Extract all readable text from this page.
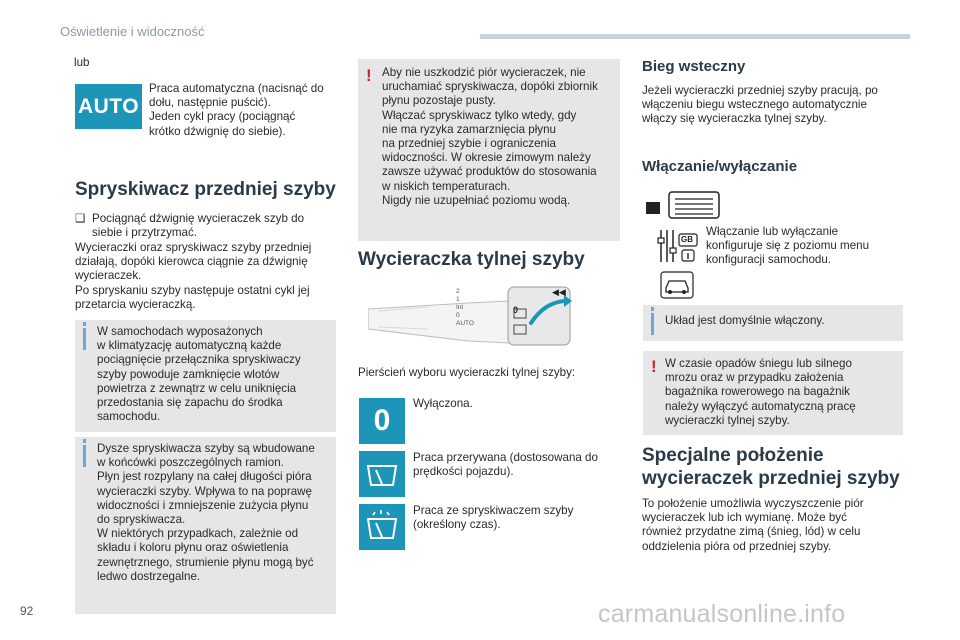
Oświetlenie i widoczność
lub
AUTO
Praca automatyczna (nacisnąć do
dołu, następnie puścić).
Jeden cykl pracy (pociągnąć
krótko dźwignię do siebie).
Spryskiwacz przedniej szyby
❑ Pociągnąć dźwignię wycieraczek szyb do
siebie i przytrzymać.
Wycieraczki oraz spryskiwacz szyby przedniej
działają, dopóki kierowca ciągnie za dźwignię
wycieraczek.
Po spryskaniu szyby następuje ostatni cykl jej
przetarcia wycieraczką.
W samochodach wyposażonych
w klimatyzację automatyczną każde
pociągnięcie przełącznika spryskiwaczy
szyby powoduje zamknięcie wlotów
powietrza z zewnątrz w celu uniknięcia
przedostania się zapachu do środka
samochodu.
Dysze spryskiwacza szyby są wbudowane
w końcówki poszczególnych ramion.
Płyn jest rozpylany na całej długości pióra
wycieraczki szyby. Wpływa to na poprawę
widoczności i zmniejszenie zużycia płynu
do spryskiwacza.
W niektórych przypadkach, zależnie od
składu i koloru płynu oraz oświetlenia
zewnętrznego, strumienie płynu mogą być
ledwo dostrzegalne.
! Aby nie uszkodzić piór wycieraczek, nie
uruchamiać spryskiwacza, dopóki zbiornik
płynu pozostaje pusty.
Włączać spryskiwacz tylko wtedy, gdy
nie ma ryzyka zamarznięcia płynu
na przedniej szybie i ograniczenia
widoczności. W okresie zimowym należy
zawsze używać produktów do stosowania
w niskich temperaturach.
Nigdy nie uzupełniać poziomu wodą.
Wycieraczka tylnej szyby
◀◀
2
1
Int
0
AUTO
0
Pierścień wyboru wycieraczki tylnej szyby:
0
Wyłączona.
Praca przerywana (dostosowana do
prędkości pojazdu).
Praca ze spryskiwaczem szyby
(określony czas).
Bieg wsteczny
Jeżeli wycieraczki przedniej szyby pracują, po
włączeniu biegu wstecznego automatycznie
włączy się wycieraczka tylnej szyby.
Włączanie/wyłączanie
GB
Włączanie lub wyłączanie
konfiguruje się z poziomu menu
konfiguracji samochodu.
Układ jest domyślnie włączony.
! W czasie opadów śniegu lub silnego
mrozu oraz w przypadku założenia
bagażnika rowerowego na bagażnik
należy wyłączyć automatyczną pracę
wycieraczki tylnej szyby.
Specjalne położenie
wycieraczek przedniej szyby
To położenie umożliwia wyczyszczenie piór
wycieraczek lub ich wymianę. Może być
również przydatne zimą (śnieg, lód) w celu
oddzielenia pióra od przedniej szyby.
92	carmanualsonline.info
